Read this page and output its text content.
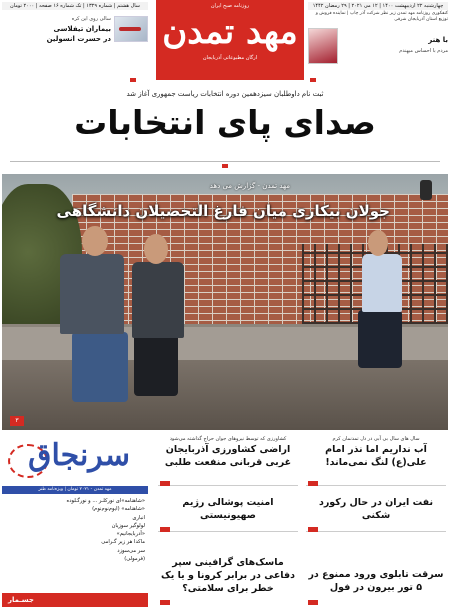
سال هشتم | شماره ۱۳۲۹ | تک شماره ۱۶ صفحه | ۲۰۰۰ تومان
سالی روی این کره
بیماران تیفلاسی
در حسرت انسولین
روزنامه صبح ایران
مهد تمدن
ارگان مطبوعاتی آذربایجان
چهارشنبه ۲۲ اردیبهشت ۱۴۰۰ | ۱۲ می ۲۰۲۱ | ۲۹ رمضان ۱۴۴۲
کنفکوری روزنامه مهد تمدن زیر نظر شرکت آذر چاپ | نماینده فروش و توزیع استان آذربایجان شرقی
با هنر
مردم با احساس میهندم
ثبت نام داوطلبان سیزدهمین دوره انتخابات ریاست جمهوری آغاز شد
صدای پای انتخابات
مهد تمدن - گزارش می دهد
جولان بیکاری میان فارغ التحصیلان دانشگاهی
۳
سال های سال بی آبی در دل تمدنمان کرم
آب نداریم اما نذر امام علی(ع) لنگ نمی‌ماند!
نفت ایران در حال رکورد شکنی
سرقت تابلوی ورود ممنوع در ۵ تور بیرون در فول
کشاورزی که توسط نیروهای جوان حراج گذاشته می‌شود
اراضی کشاورزی آذربایجان غربی قربانی منفعت طلبی
امنیت پوشالی رژیم صهیونیستی
ماسک‌های گرافینی سپر دفاعی در برابر کرونا و یا یک خطر برای سلامتی؟
سرنجاق
مهد تمدن - ۲۰۲۱ تومان | ویژه‌نامه طنز
«شاهنامه»ای نورکلـر ... و نورگـلوده
«شاهنامه» (ایوم‌نوم‌نوم)
انباری
لولوگیر سوزیان
«آذربایجانیم»
ماکدا هر زیر گـرامی
سر می‌سوزد
(فرمولی)
جسـمار
